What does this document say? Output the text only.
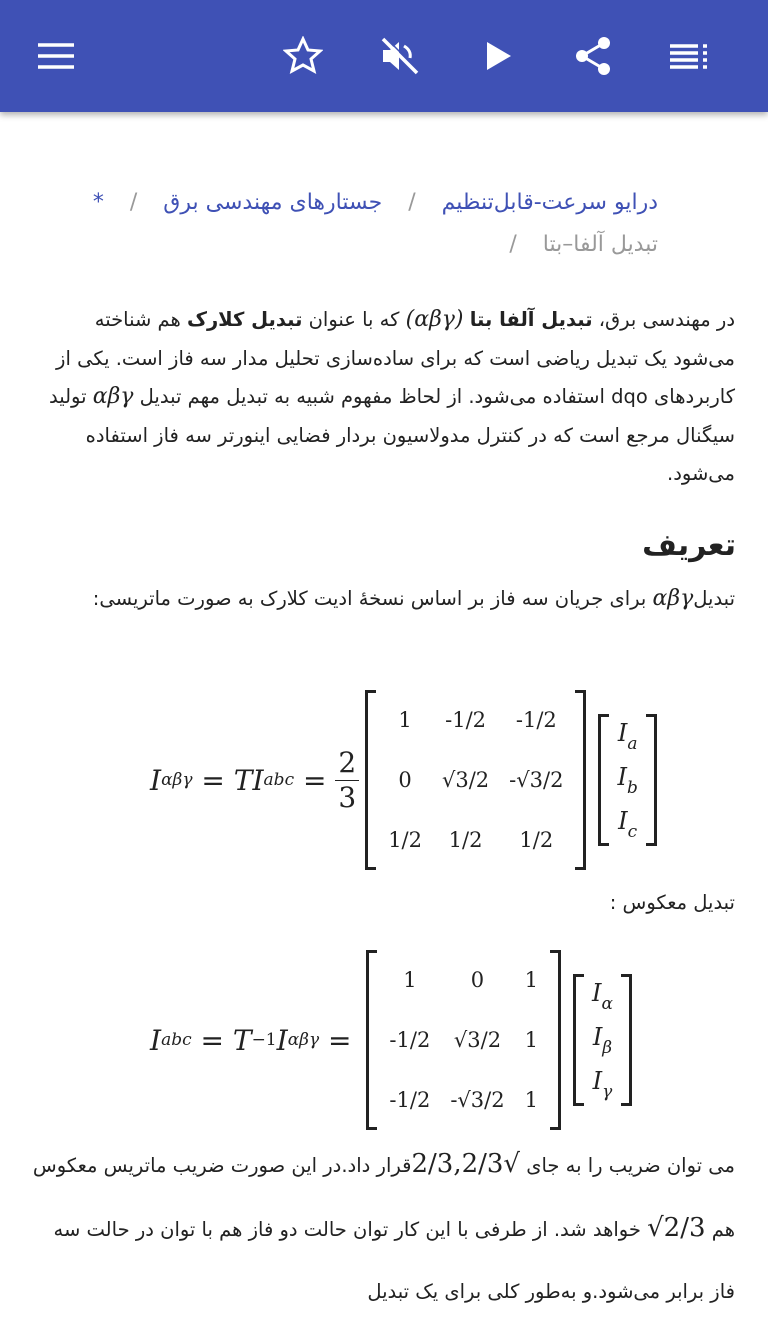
درایو سرعت-قابل‌تنظیم/جستارهای مهندسی برق/*
تبدیل آلفا–بتا/
در مهندسی برق، تبدیل آلفا بتا (αβγ) که با عنوان تبدیل کلارک هم شناخته می‌شود یک تبدیل ریاضی است که برای ساده‌سازی تحلیل مدار سه فاز است. یکی از کاربردهای dqo استفاده می‌شود. از لحاظ مفهوم شبیه به تبدیل مهم تبدیل αβγ تولید سیگنال مرجع است که در کنترل مدولاسیون بردار فضایی اینورتر سه فاز استفاده می‌شود.
تعریف
تبدیلαβγ برای جریان سه فاز بر اساس نسخهٔ ادیت کلارک به صورت ماتریسی:
I αβγ = TI abc = $\frac{2}{3}$
1	-1/2	-1/2
0	√3/2	-√3/2
1/2	1/2	1/2
$I_a$
$I_b$
$I_c$
تبدیل معکوس :
I abc = T −1 I αβγ =
1	0	1
-1/2	√3/2	1
-1/2	-√3/2	1
$I_\alpha$
$I_\beta$
$I_\gamma$
می توان ضریب را به جای 2/3,2/3√قرار داد.در این صورت ضریب ماتریس معکوس هم √2/3 خواهد شد. از طرفی با این کار توان حالت دو فاز هم با توان در حالت سه فاز برابر می‌شود.و به‌طور کلی برای یک تبدیل
